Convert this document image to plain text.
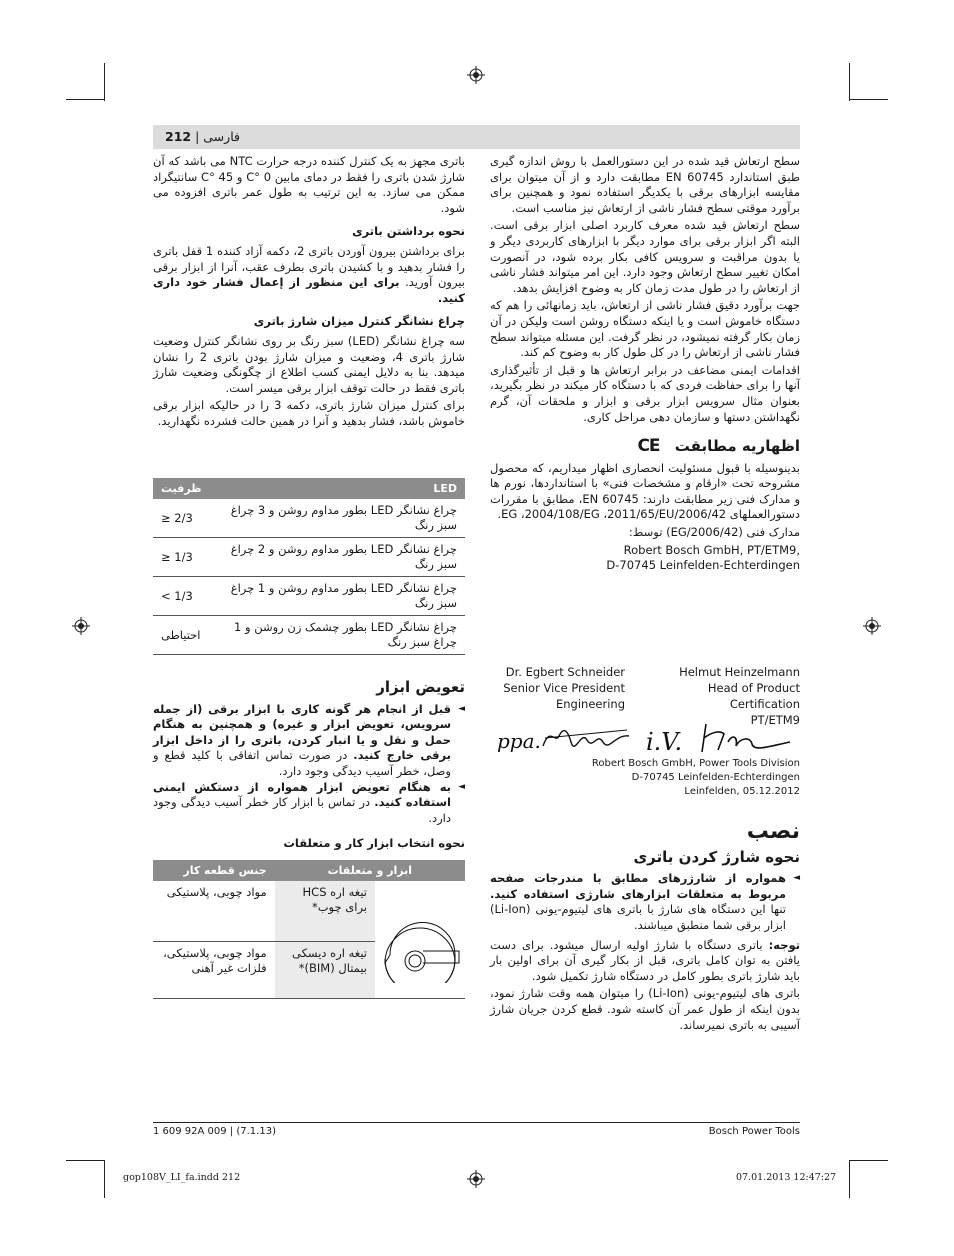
فارسی | 212

سطح ارتعاش قید شده در این دستورالعمل با روش اندازه گیری طبق استاندارد EN 60745 مطابقت دارد و از آن میتوان برای مقایسه ابزارهای برقی با یکدیگر استفاده نمود و همچنین برای برآورد موقتی سطح فشار ناشی از ارتعاش نیز مناسب است.

سطح ارتعاش قید شده معرف کاربرد اصلی ابزار برقی است. البته اگر ابزار برقی برای موارد دیگر با ابزارهای کاربردی دیگر و یا بدون مراقبت و سرویس کافی بکار برده شود، در آنصورت امکان تغییر سطح ارتعاش وجود دارد. این امر میتواند فشار ناشی از ارتعاش را در طول مدت زمان کار به وضوح افزایش بدهد.

جهت برآورد دقیق فشار ناشی از ارتعاش، باید زمانهائی را هم که دستگاه خاموش است و یا اینکه دستگاه روشن است ولیکن در آن زمان بکار گرفته نمیشود، در نظر گرفت. این مسئله میتواند سطح فشار ناشی از ارتعاش را در کل طول کار به وضوح کم کند.

اقدامات ایمنی مضاعف در برابر ارتعاش ها و قبل از تأثیرگذاری آنها را برای حفاظت فردی که با دستگاه کار میکند در نظر بگیرید، بعنوان مثال سرویس ابزار برقی و ابزار و ملحقات آن، گرم نگهداشتن دستها و سازمان دهی مراحل کاری.

اظهاریه مطابقت CE

بدینوسیله با قبول مسئولیت انحصاری اظهار میداریم، که محصول مشروحه تحت «ارقام و مشخصات فنی» با استانداردها، نورم ها و مدارک فنی زیر مطابقت دارند: EN 60745، مطابق با مقررات دستورالعملهای 2006/42/EG ،2004/108/EG ،2011/65/EU.

مدارک فنی (2006/42/EG) توسط:

Robert Bosch GmbH, PT/ETM9,

D-70745 Leinfelden-Echterdingen

Helmut Heinzelmann
Head of Product Certification
PT/ETM9
Dr. Egbert Schneider
Senior Vice President
Engineering
ppa.	i.V.
Robert Bosch GmbH, Power Tools Division
D-70745 Leinfelden-Echterdingen
Leinfelden, 05.12.2012
نصب
نحوه شارژ کردن باتری
◄ همواره از شارژرهای مطابق با مندرجات صفحه مربوط به متعلقات ابزارهای شارژی استفاده کنید. تنها این دستگاه های شارژ با باتری های لیتیوم-یونی (Li-Ion) ابزار برقی شما منطبق میباشند.

توجه: باتری دستگاه با شارژ اولیه ارسال میشود. برای دست یافتن به توان کامل باتری، قبل از بکار گیری آن برای اولین بار باید شارژ باتری بطور کامل در دستگاه شارژ تکمیل شود.

باتری های لیتیوم-یونی (Li-Ion) را میتوان همه وقت شارژ نمود، بدون اینکه از طول عمر آن کاسته شود. قطع کردن جریان شارژ آسیبی به باتری نمیرساند.

باتری مجهز به یک کنترل کننده درجه حرارت NTC می باشد که آن شارژ شدن باتری را فقط در دمای مابین 0 °C و 45 °C سانتیگراد ممکن می سازد. به این ترتیب به طول عمر باتری افزوده می شود.

نحوه برداشتن باتری

برای برداشتن بیرون آوردن باتری 2، دکمه آزاد کننده 1 قفل باتری را فشار بدهید و با کشیدن باتری بطرف عقب، آنرا از ابزار برقی بیرون آورید. برای این منظور از إعمال فشار خود داری کنید.

چراغ نشانگر کنترل میزان شارژ باتری

سه چراغ نشانگر (LED) سبز رنگ بر روی نشانگر کنترل وضعیت شارژ باتری 4، وضعیت و میزان شارژ بودن باتری 2 را نشان میدهد. بنا به دلایل ایمنی کسب اطلاع از چگونگی وضعیت شارژ باتری فقط در حالت توقف ابزار برقی میسر است.

برای کنترل میزان شارژ باتری، دکمه 3 را در حالیکه ابزار برقی خاموش باشد، فشار بدهید و آنرا در همین حالت فشرده نگهدارید.

LED	ظرفیت
چراغ نشانگر LED بطور مداوم روشن و 3 چراغ سبز رنگ	≥ 2/3
چراغ نشانگر LED بطور مداوم روشن و 2 چراغ سبز رنگ	≥ 1/3
چراغ نشانگر LED بطور مداوم روشن و 1 چراغ سبز رنگ	< 1/3
چراغ نشانگر LED بطور چشمک زن روشن و 1 چراغ سبز رنگ	احتیاطی
تعویض ابزار
◄ قبل از انجام هر گونه کاری با ابزار برقی (از جمله سرویس، تعویض ابزار و غیره) و همچنین به هنگام حمل و نقل و یا انبار کردن، باتری را از داخل ابزار برقی خارج کنید. در صورت تماس اتفاقی با کلید قطع و وصل، خطر آسیب دیدگی وجود دارد.
◄ به هنگام تعویض ابزار همواره از دستکش ایمنی استفاده کنید. در تماس با ابزار کار خطر آسیب دیدگی وجود دارد.
نحوه انتخاب ابزار کار و متعلقات
ابزار و متعلقات		جنس قطعه کار
	تیغه اره HCS برای چوب*	مواد چوبی، پلاستیکی
	تیغه اره دیسکی بیمتال (BIM)*	مواد چوبی، پلاستیکی، فلزات غیر آهنی
1 609 92A 009 | (7.1.13)	Bosch Power Tools
gop108V_LI_fa.indd 212	07.01.2013 12:47:27
